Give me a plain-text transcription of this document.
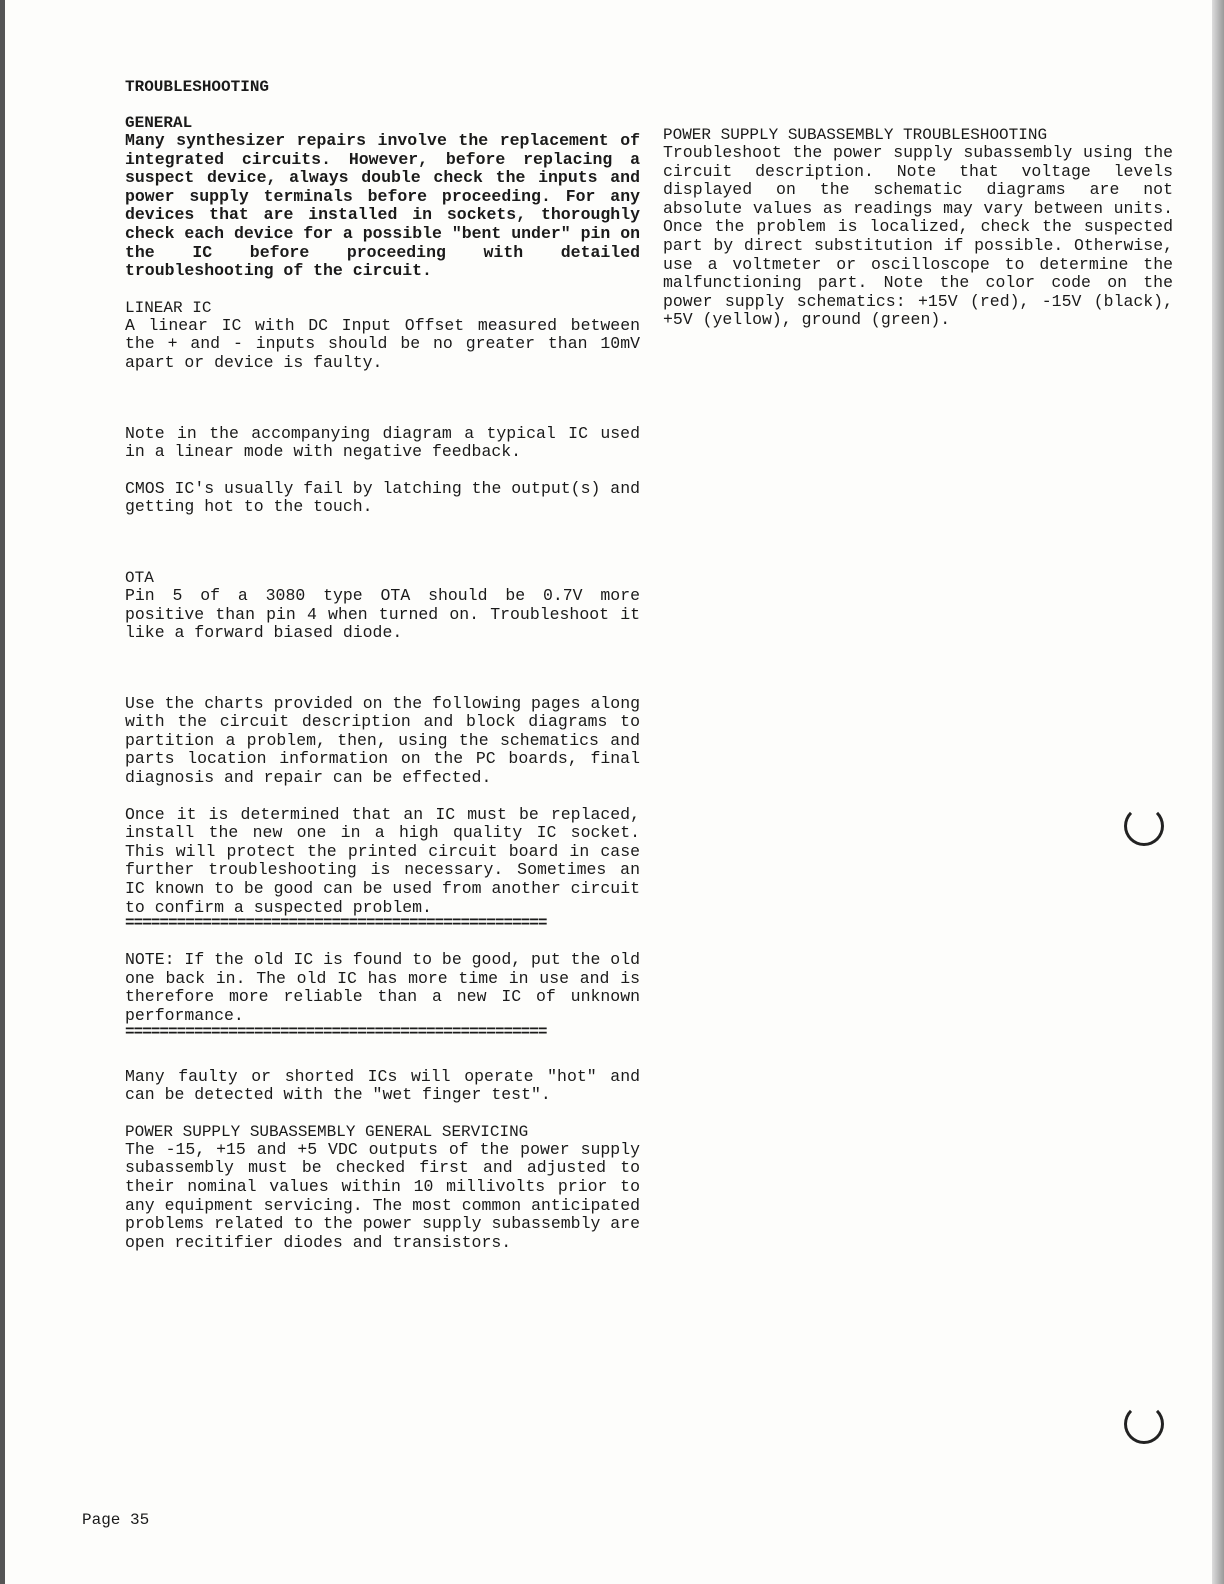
TROUBLESHOOTING
GENERAL

Many synthesizer repairs involve the replacement of integrated circuits. However, before replacing a suspect device, always double check the inputs and power supply terminals before proceeding. For any devices that are installed in sockets, thoroughly check each device for a possible "bent under" pin on the IC before proceeding with detailed troubleshooting of the circuit.

LINEAR IC

A linear IC with DC Input Offset measured between the + and - inputs should be no greater than 10mV apart or device is faulty.

Note in the accompanying diagram a typical IC used in a linear mode with negative feedback.

CMOS IC's usually fail by latching the output(s) and getting hot to the touch.

OTA

Pin 5 of a 3080 type OTA should be 0.7V more positive than pin 4 when turned on. Troubleshoot it like a forward biased diode.

Use the charts provided on the following pages along with the circuit description and block diagrams to partition a problem, then, using the schematics and parts location information on the PC boards, final diagnosis and repair can be effected.

Once it is determined that an IC must be replaced, install the new one in a high quality IC socket. This will protect the printed circuit board in case further troubleshooting is necessary. Sometimes an IC known to be good can be used from another circuit to confirm a suspected problem.

=================================================

NOTE: If the old IC is found to be good, put the old one back in. The old IC has more time in use and is therefore more reliable than a new IC of unknown performance.

=================================================

Many faulty or shorted ICs will operate "hot" and can be detected with the "wet finger test".

POWER SUPPLY SUBASSEMBLY GENERAL SERVICING

The -15, +15 and +5 VDC outputs of the power supply subassembly must be checked first and adjusted to their nominal values within 10 millivolts prior to any equipment servicing. The most common anticipated problems related to the power supply subassembly are open recitifier diodes and transistors.

POWER SUPPLY SUBASSEMBLY TROUBLESHOOTING

Troubleshoot the power supply subassembly using the circuit description. Note that voltage levels displayed on the schematic diagrams are not absolute values as readings may vary between units. Once the problem is localized, check the suspected part by direct substitution if possible. Otherwise, use a voltmeter or oscilloscope to determine the malfunctioning part. Note the color code on the power supply schematics: +15V (red), -15V (black), +5V (yellow), ground (green).

Page 35
